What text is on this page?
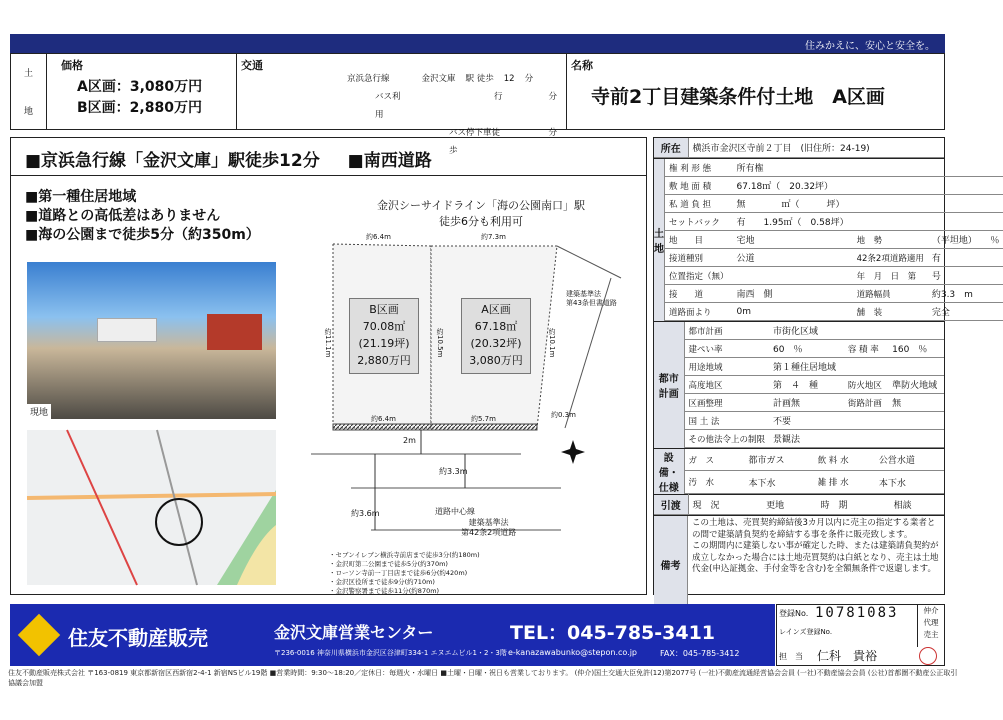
住みかえに、安心と安全を。
土
地
価格
A区画：3,080万円
B区画：2,880万円
交通
京浜急行線	金沢文庫 駅 徒歩 12 分
バス利用
行	分
バス停下車徒歩
分
名称
寺前2丁目建築条件付土地　A区画
■京浜急行線「金沢文庫」駅徒歩12分 ■南西道路
■第一種住居地域
■道路との高低差はありません
■海の公園まで徒歩5分（約350m）
現地
金沢シーサイドライン「海の公園南口」駅
徒歩6分も利用可
約6.4m	約7.3m
約11.1m	約10.5m	約10.1m
約6.4m	約5.7m	約0.3m
2m
約3.6m
約3.3m
建築基準法
第43条但書道路
道路中心線
建築基準法
第42条2項道路
B区画
70.08㎡
(21.19坪)
2,880万円
A区画
67.18㎡
(20.32坪)
3,080万円
・セブンイレブン横浜寺前店まで徒歩3分(約180m)
・金沢町第二公園まで徒歩5分(約370m)
・ローソン寺前一丁目店まで徒歩6分(約420m)
・金沢区役所まで徒歩9分(約710m)
・金沢警察署まで徒歩11分(約870m)
所在	横浜市金沢区寺前２丁目　(旧住所：24-19)
土地
権 利 形 態	所有権		
敷 地 面 積	67.18㎡（　20.32坪）		
私 道 負 担	無　　　　㎡（　　　坪）		
セットバック	有　　1.95㎡（　0.58坪）		
地　　目	宅地	地　勢	（平坦地）　　％
接道種別	公道	42条2項道路適用	有
位置指定（無）		年　月　日　第	号
接　　道	南西　側	道路幅員	約3.3　m
道路面より	0m	舗　装	完全
都市計画
都市計画	市街化区域		
建ぺい率	60　％	容 積 率	160　％
用途地域	第１種住居地域		
高度地区	第　４　種	防火地区	準防火地域
区画整理	計画無	街路計画	無
国 土 法	不要		
その他法令上の制限	景観法		
設備・仕様
ガ　ス	都市ガス	飲 料 水	公営水道
汚　水	本下水	雑 排 水	本下水
引渡	現　況	更地	時　期	相談
備考
この土地は、売買契約締結後3カ月以内に売主の指定する業者との間で建築請負契約を締結する事を条件に販売致します。
この期間内に建築しない事が確定した時、または建築請負契約が成立しなかった場合には土地売買契約は白紙となり、売主は土地代金(申込証拠金、手付金等を含む)を全額無条件で返還します。
住友不動産販売	金沢文庫営業センター	TEL：045-785-3411
〒236-0016 神奈川県横浜市金沢区谷津町334-1 エヌエムビル1・2・3階 e-kanazawabunko@stepon.co.jp	FAX：045-785-3412
登録No. 10781083
レインズ登録No.
担　当 仁科　貴裕
仲介
代理
売主
住友不動産販売株式会社 〒163-0819 東京都新宿区西新宿2-4-1 新宿NSビル19階 ■営業時間：9:30～18:20／定休日：毎週火・水曜日 ■土曜・日曜・祝日も営業しております。 (仲介)国土交通大臣免許(12)第2077号 (一社)不動産流通経営協会会員 (一社)不動産協会会員 (公社)首都圏不動産公正取引協議会加盟
